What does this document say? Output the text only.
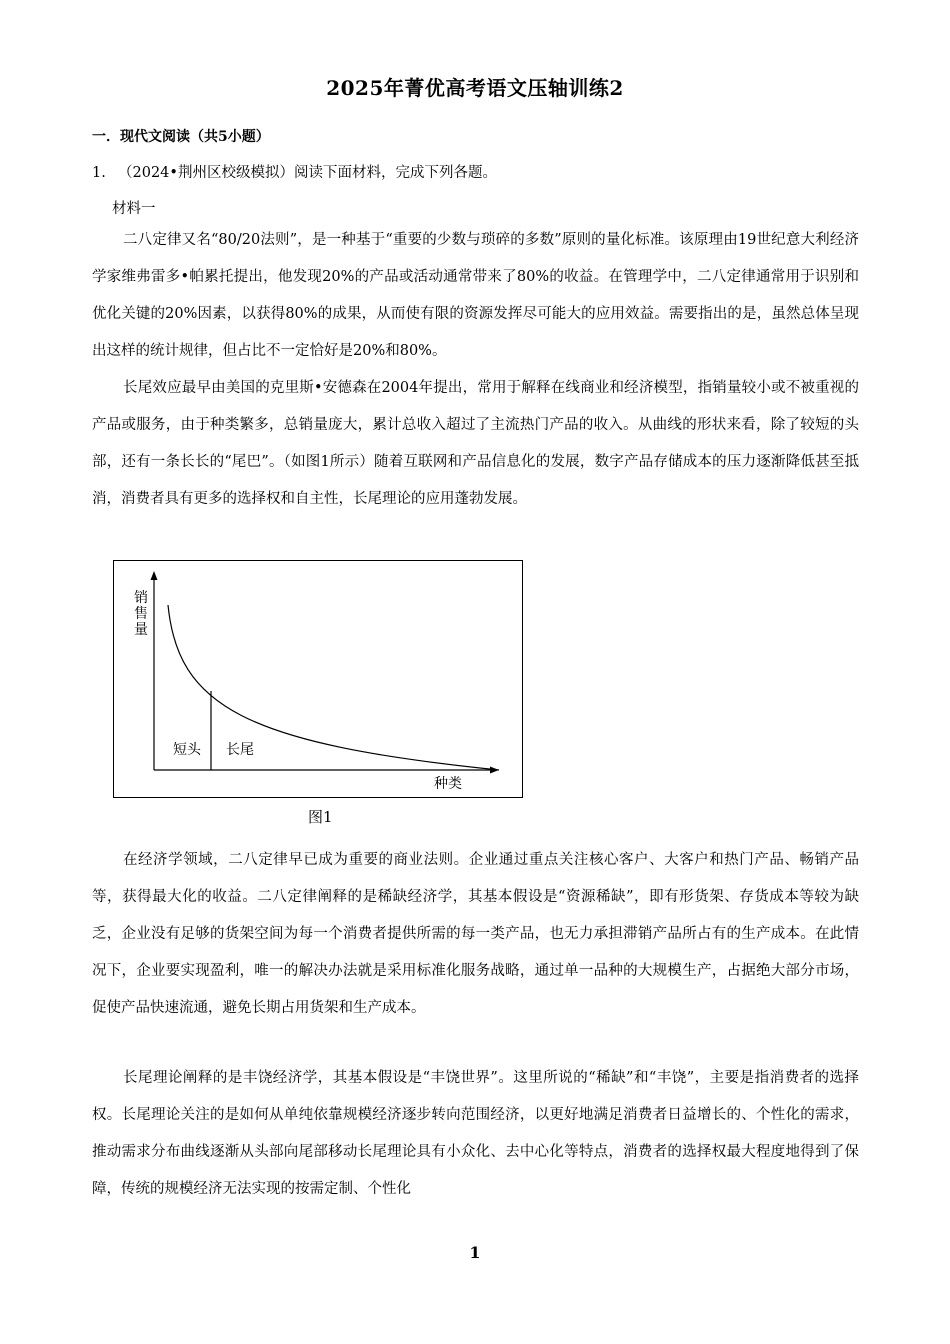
2025年菁优高考语文压轴训练2
一．现代文阅读（共5小题）
1. （2024•荆州区校级模拟）阅读下面材料，完成下列各题。
材料一

二八定律又名“80/20法则”，是一种基于“重要的少数与琐碎的多数”原则的量化标准。该原理由19世纪意大利经济学家维弗雷多•帕累托提出，他发现20%的产品或活动通常带来了80%的收益。在管理学中，二八定律通常用于识别和优化关键的20%因素，以获得80%的成果，从而使有限的资源发挥尽可能大的应用效益。需要指出的是，虽然总体呈现出这样的统计规律，但占比不一定恰好是20%和80%。

长尾效应最早由美国的克里斯•安德森在2004年提出，常用于解释在线商业和经济模型，指销量较小或不被重视的产品或服务，由于种类繁多，总销量庞大，累计总收入超过了主流热门产品的收入。从曲线的形状来看，除了较短的头部，还有一条长长的“尾巴”。（如图1所示）随着互联网和产品信息化的发展，数字产品存储成本的压力逐渐降低甚至抵消，消费者具有更多的选择权和自主性，长尾理论的应用蓬勃发展。

销
售
量
短头 长尾
种类
图1

在经济学领域，二八定律早已成为重要的商业法则。企业通过重点关注核心客户、大客户和热门产品、畅销产品等，获得最大化的收益。二八定律阐释的是稀缺经济学，其基本假设是“资源稀缺”，即有形货架、存货成本等较为缺乏，企业没有足够的货架空间为每一个消费者提供所需的每一类产品，也无力承担滞销产品所占有的生产成本。在此情况下，企业要实现盈利，唯一的解决办法就是采用标准化服务战略，通过单一品种的大规模生产，占据绝大部分市场，促使产品快速流通，避免长期占用货架和生产成本。

长尾理论阐释的是丰饶经济学，其基本假设是“丰饶世界”。这里所说的“稀缺”和“丰饶”，主要是指消费者的选择权。长尾理论关注的是如何从单纯依靠规模经济逐步转向范围经济，以更好地满足消费者日益增长的、个性化的需求，推动需求分布曲线逐渐从头部向尾部移动长尾理论具有小众化、去中心化等特点，消费者的选择权最大程度地得到了保障，传统的规模经济无法实现的按需定制、个性化

1
